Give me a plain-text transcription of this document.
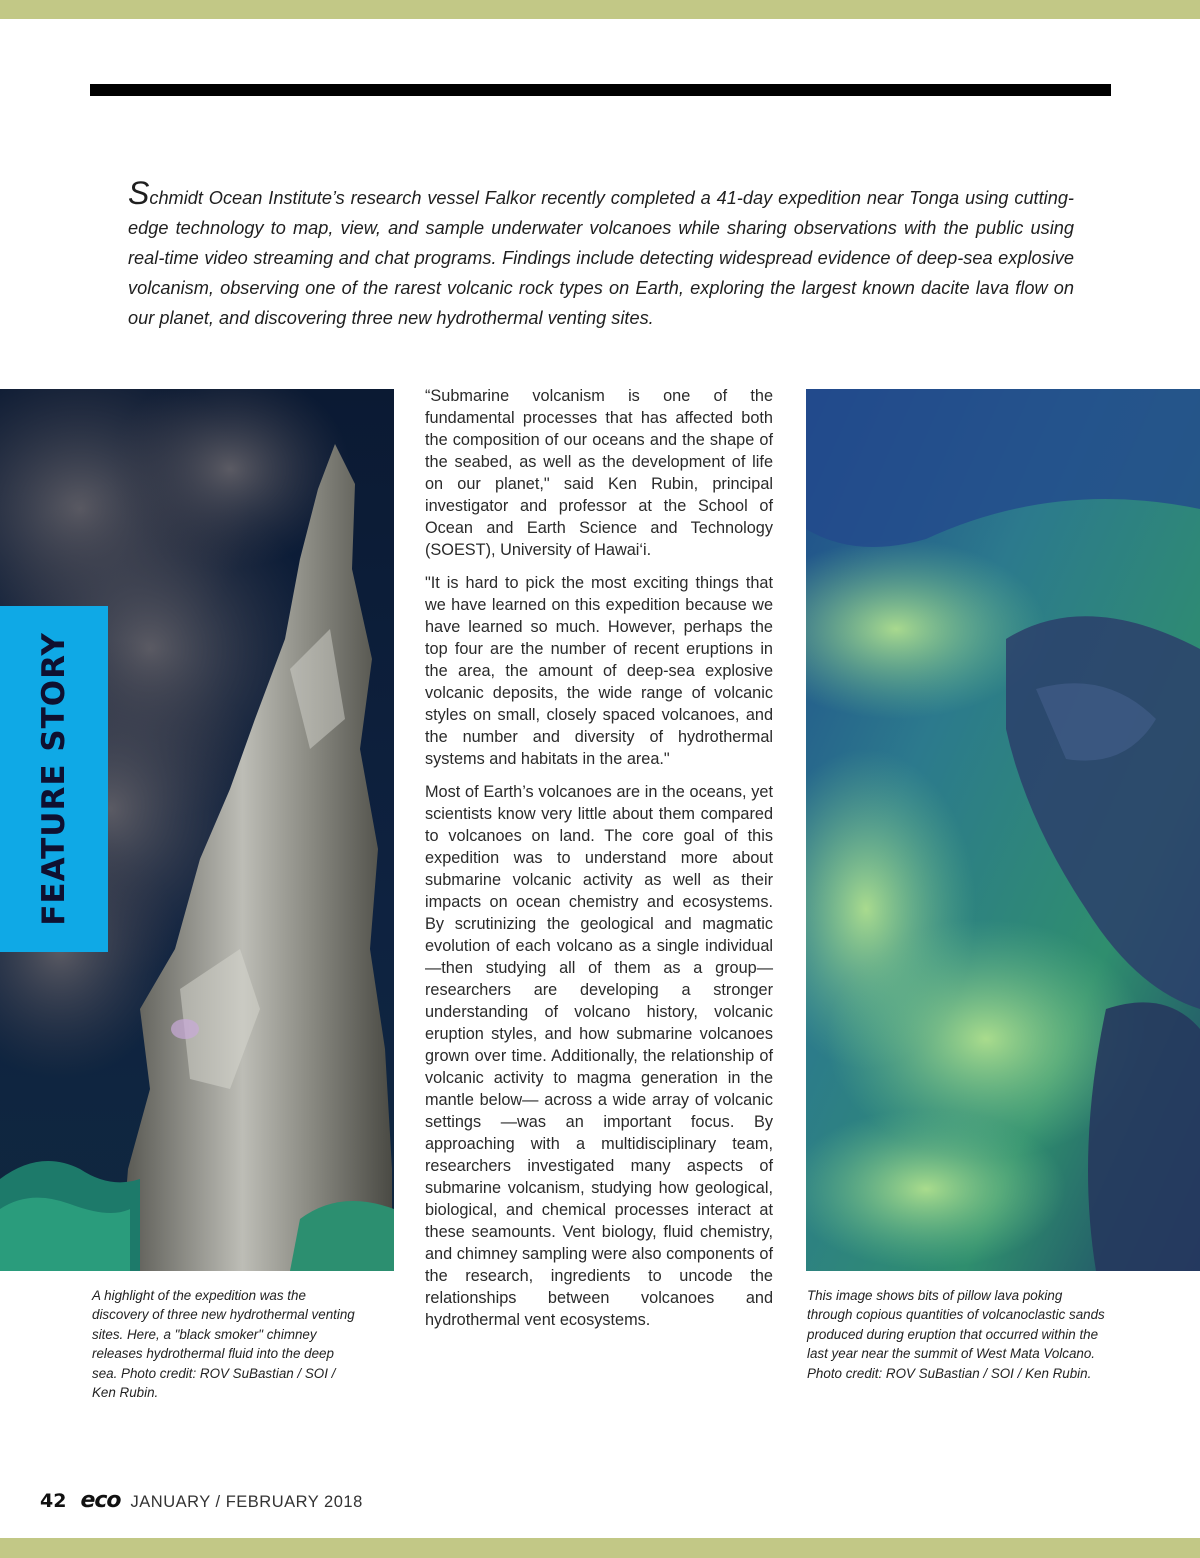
Schmidt Ocean Institute’s research vessel Falkor recently completed a 41-day expedition near Tonga using cutting-edge technology to map, view, and sample underwater volcanoes while sharing observations with the public using real-time video streaming and chat programs. Findings include detecting widespread evidence of deep-sea explosive volcanism, observing one of the rarest volcanic rock types on Earth, exploring the largest known dacite lava flow on our planet, and discovering three new hydrothermal venting sites.

FEATURE STORY

“Submarine volcanism is one of the fundamental processes that has affected both the composition of our oceans and the shape of the seabed, as well as the development of life on our planet," said Ken Rubin, principal investigator and professor at the School of Ocean and Earth Science and Technology (SOEST), University of Hawai‘i.

"It is hard to pick the most exciting things that we have learned on this expedition because we have learned so much. However, perhaps the top four are the number of recent eruptions in the area, the amount of deep-sea explosive volcanic deposits, the wide range of volcanic styles on small, closely spaced volcanoes, and the number and diversity of hydrothermal systems and habitats in the area."

Most of Earth’s volcanoes are in the oceans, yet scientists know very little about them compared to volcanoes on land. The core goal of this expedition was to understand more about submarine volcanic activity as well as their impacts on ocean chemistry and ecosystems. By scrutinizing the geological and magmatic evolution of each volcano as a single individual —then studying all of them as a group— researchers are developing a stronger understanding of volcano history, volcanic eruption styles, and how submarine volcanoes grown over time. Additionally, the relationship of volcanic activity to magma generation in the mantle below— across a wide array of volcanic settings —was an important focus. By approaching with a multidisciplinary team, researchers investigated many aspects of submarine volcanism, studying how geological, biological, and chemical processes interact at these seamounts. Vent biology, fluid chemistry, and chimney sampling were also components of the research, ingredients to uncode the relationships between volcanoes and hydrothermal vent ecosystems.

A highlight of the expedition was the discovery of three new hydrothermal venting sites. Here, a "black smoker" chimney releases hydrothermal fluid into the deep sea. Photo credit: ROV SuBastian / SOI / Ken Rubin.

This image shows bits of pillow lava poking through copious quantities of volcanoclastic sands produced during eruption that occurred within the last year near the summit of West Mata Volcano. Photo credit: ROV SuBastian / SOI / Ken Rubin.

42 eco JANUARY / FEBRUARY 2018
